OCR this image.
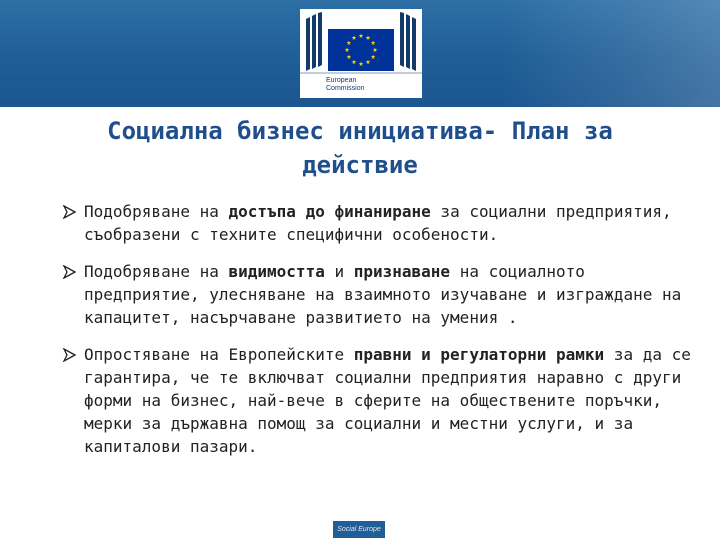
European
Commission
Социална бизнес инициатива- План за
действие
Подобряване на достъпа до финаниране за социални предприятия, съобразени с техните специфични особености.
Подобряване на видимостта и признаване на социалното предприятие, улесняване на взаимното изучаване и изграждане на капацитет, насърчаване развитието на умения .
Опростяване на Европейските правни и регулаторни рамки за да се гарантира, че те включват социални предприятия наравно с други форми на бизнес, най-вече в сферите на обществените поръчки, мерки за държавна помощ за социални и местни услуги, и за капиталови пазари.
Social Europe
